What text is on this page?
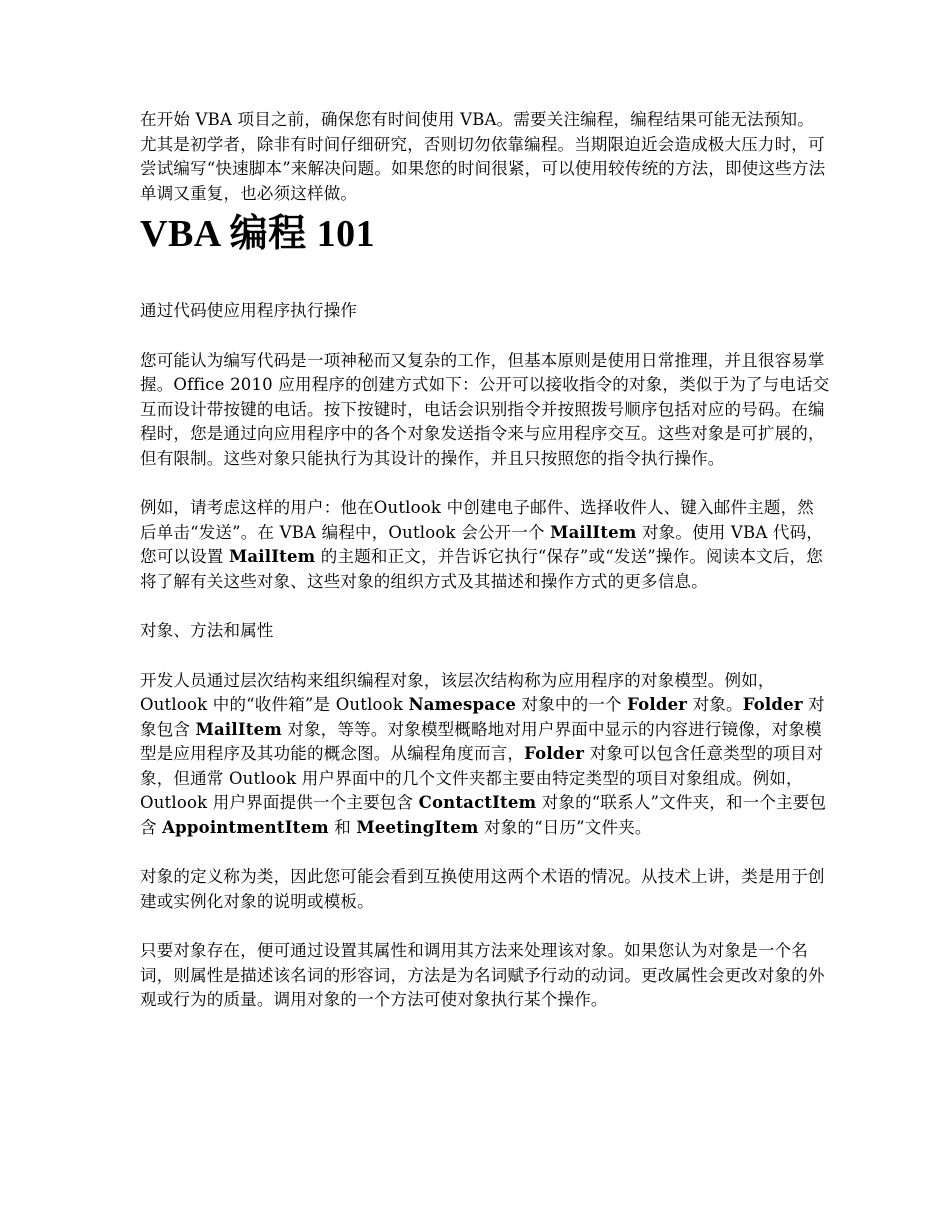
在开始 VBA 项目之前，确保您有时间使用 VBA。需要关注编程，编程结果可能无法预知。尤其是初学者，除非有时间仔细研究，否则切勿依靠编程。当期限迫近会造成极大压力时，可尝试编写“快速脚本”来解决问题。如果您的时间很紧，可以使用较传统的方法，即使这些方法单调又重复，也必须这样做。

VBA 编程 101

通过代码使应用程序执行操作

您可能认为编写代码是一项神秘而又复杂的工作，但基本原则是使用日常推理，并且很容易掌握。Office 2010 应用程序的创建方式如下：公开可以接收指令的对象，类似于为了与电话交互而设计带按键的电话。按下按键时，电话会识别指令并按照拨号顺序包括对应的号码。在编程时，您是通过向应用程序中的各个对象发送指令来与应用程序交互。这些对象是可扩展的，但有限制。这些对象只能执行为其设计的操作，并且只按照您的指令执行操作。

例如，请考虑这样的用户：他在Outlook 中创建电子邮件、选择收件人、键入邮件主题，然后单击“发送”。在 VBA 编程中，Outlook 会公开一个 MailItem 对象。使用 VBA 代码，您可以设置 MailItem 的主题和正文，并告诉它执行“保存”或“发送”操作。阅读本文后，您将了解有关这些对象、这些对象的组织方式及其描述和操作方式的更多信息。

对象、方法和属性

开发人员通过层次结构来组织编程对象，该层次结构称为应用程序的对象模型。例如，Outlook 中的“收件箱”是 Outlook Namespace 对象中的一个 Folder 对象。Folder 对象包含 MailItem 对象，等等。对象模型概略地对用户界面中显示的内容进行镜像，对象模型是应用程序及其功能的概念图。从编程角度而言，Folder 对象可以包含任意类型的项目对象，但通常 Outlook 用户界面中的几个文件夹都主要由特定类型的项目对象组成。例如，Outlook 用户界面提供一个主要包含 ContactItem 对象的“联系人”文件夹，和一个主要包含 AppointmentItem 和 MeetingItem 对象的“日历”文件夹。

对象的定义称为类，因此您可能会看到互换使用这两个术语的情况。从技术上讲，类是用于创建或实例化对象的说明或模板。

只要对象存在，便可通过设置其属性和调用其方法来处理该对象。如果您认为对象是一个名词，则属性是描述该名词的形容词，方法是为名词赋予行动的动词。更改属性会更改对象的外观或行为的质量。调用对象的一个方法可使对象执行某个操作。
